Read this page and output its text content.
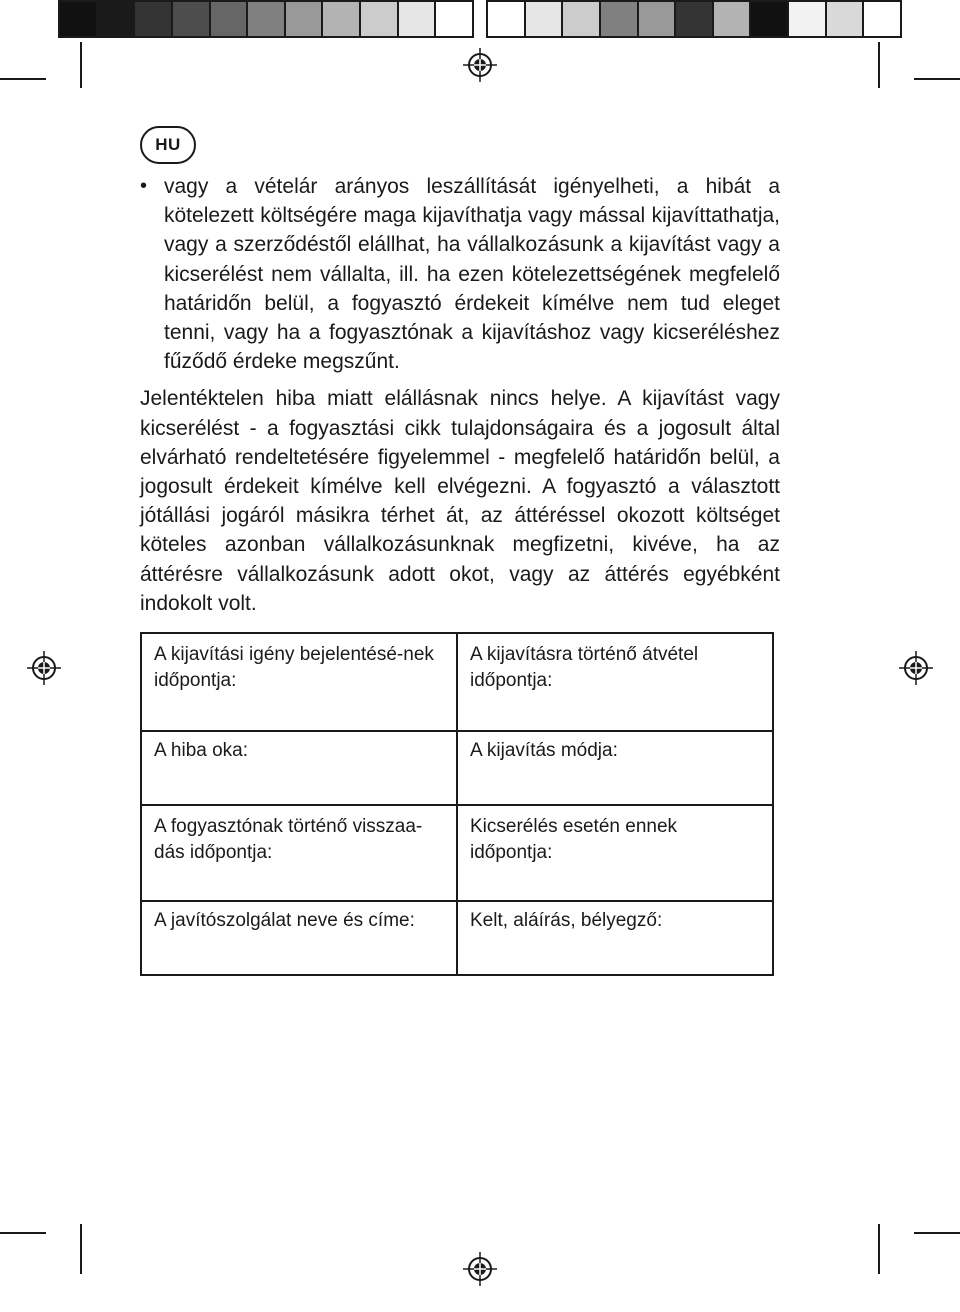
HU
• vagy a vételár arányos leszállítását igényelheti, a hibát a kötelezett költségére maga kijavíthatja vagy mással kijavíttathatja, vagy a szerződéstől elállhat, ha vállalkozásunk a kijavítást vagy a kicserélést nem vállalta, ill. ha ezen kötelezettségének megfelelő határidőn belül, a fogyasztó érdekeit kímélve nem tud eleget tenni, vagy ha a fogyasztónak a kijavításhoz vagy kicseréléshez fűződő érdeke megszűnt.
Jelentéktelen hiba miatt elállásnak nincs helye. A kijavítást vagy kicserélést - a fogyasztási cikk tulajdonságaira és a jogosult által elvárható rendeltetésére figyelemmel - megfelelő határidőn belül, a jogosult érdekeit kímélve kell elvégezni. A fogyasztó a választott jótállási jogáról másikra térhet át, az áttéréssel okozott költséget köteles azonban vállalkozásunknak megfizetni, kivéve, ha az áttérésre vállalkozásunk adott okot, vagy az áttérés egyébként indokolt volt.
A kijavítási igény bejelentésé-nek időpontja:	A kijavításra történő átvétel időpontja:
A hiba oka:	A kijavítás módja:
A fogyasztónak történő visszaa-dás időpontja:	Kicserélés esetén ennek időpontja:
A javítószolgálat neve és címe:	Kelt, aláírás, bélyegző:
